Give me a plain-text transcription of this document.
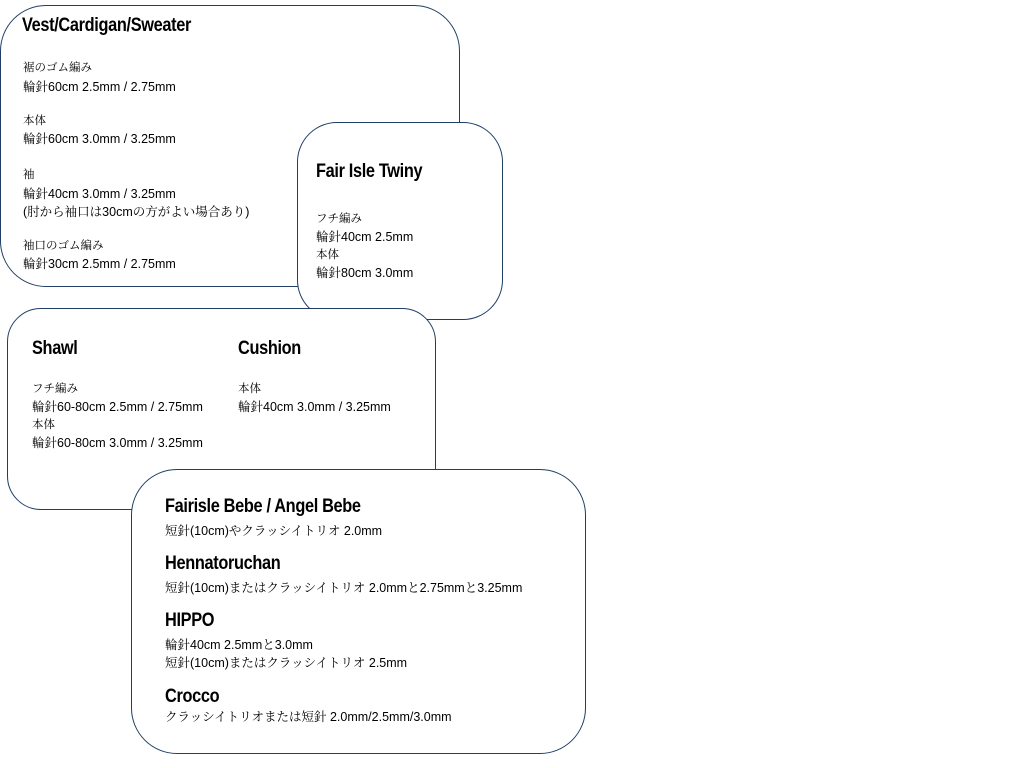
Vest/Cardigan/Sweater
裾のゴム編み
輪針60cm 2.5mm / 2.75mm
本体
輪針60cm 3.0mm / 3.25mm
袖
輪針40cm 3.0mm / 3.25mm
(肘から袖口は30cmの方がよい場合あり)
袖口のゴム編み
輪針30cm 2.5mm / 2.75mm
Fair Isle Twiny
フチ編み
輪針40cm 2.5mm
本体
輪針80cm 3.0mm
Shawl
フチ編み
輪針60-80cm 2.5mm / 2.75mm
本体
輪針60-80cm 3.0mm / 3.25mm
Cushion
本体
輪針40cm 3.0mm / 3.25mm
Fairisle Bebe / Angel Bebe
短針(10cm)やクラッシイトリオ 2.0mm
Hennatoruchan
短針(10cm)またはクラッシイトリオ 2.0mmと2.75mmと3.25mm
HIPPO
輪針40cm 2.5mmと3.0mm
短針(10cm)またはクラッシイトリオ 2.5mm
Crocco
クラッシイトリオまたは短針 2.0mm/2.5mm/3.0mm
